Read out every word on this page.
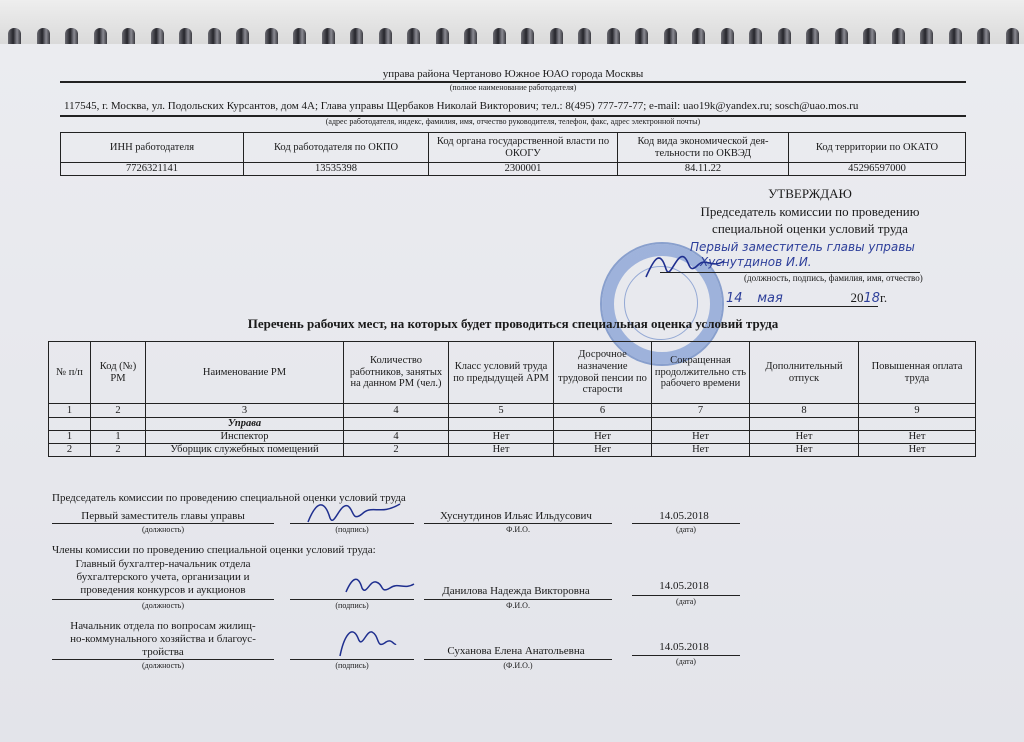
управа района Чертаново Южное ЮАО города Москвы
(полное наименование работодателя)
117545, г. Москва, ул. Подольских Курсантов, дом 4А; Глава управы Щербаков Николай Викторович; тел.: 8(495) 777-77-77; e-mail: uao19k@yandex.ru; sosch@uao.mos.ru
(адрес работодателя, индекс, фамилия, имя, отчество руководителя, телефон, факс, адрес электронной почты)
ИНН работодателя	Код работодателя по ОКПО	Код органа государственной власти по ОКОГУ	Код вида экономической дея-тельности по ОКВЭД	Код территории по ОКАТО
7726321141	13535398	2300001	84.11.22	45296597000
УТВЕРЖДАЮ
Председатель комиссии по проведению
специальной оценки условий труда
Первый заместитель главы управы
Хуснутдинов И.И.
(должность, подпись, фамилия, имя, отчество)
14 мая	2018г.
Перечень рабочих мест, на которых будет проводиться специальная оценка условий труда
№ п/п	Код (№) РМ	Наименование РМ	Количество работников, занятых на данном РМ (чел.)	Класс условий труда по предыдущей АРМ	Досрочное назначение трудовой пенсии по старости	Сокращенная продолжительно сть рабочего времени	Дополнительный отпуск	Повышенная оплата труда
1	2	3	4	5	6	7	8	9
		Управа						
1	1	Инспектор	4	Нет	Нет	Нет	Нет	Нет
2	2	Уборщик служебных помещений	2	Нет	Нет	Нет	Нет	Нет
Председатель комиссии по проведению специальной оценки условий труда
Первый заместитель главы управы
(должность)	(подпись)
Хуснутдинов Ильяс Ильдусович
Ф.И.О.
14.05.2018
(дата)
Члены комиссии по проведению специальной оценки условий труда:
Главный бухгалтер-начальник отдела
бухгалтерского учета, организации и
проведения конкурсов и аукционов
(должность)	(подпись)
Данилова Надежда Викторовна
Ф.И.О.
14.05.2018
(дата)
Начальник отдела по вопросам жилищ-
но-коммунального хозяйства и благоус-
тройства
(должность)	(подпись)
Суханова Елена Анатольевна
(Ф.И.О.)
14.05.2018
(дата)
